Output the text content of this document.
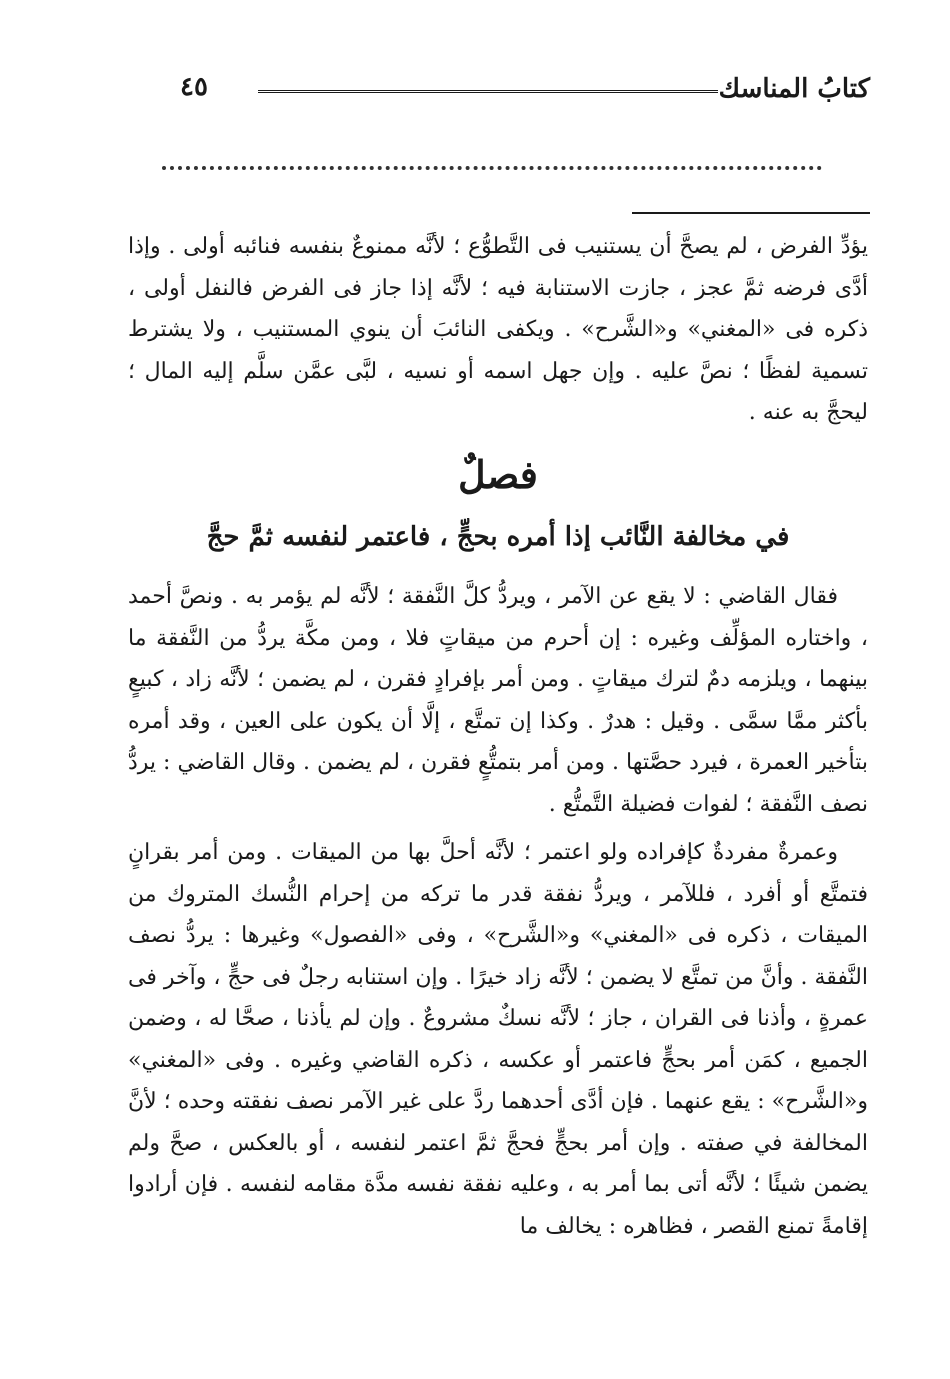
كتابُ المناسك
٤٥

يؤدِّ الفرض ، لم يصحَّ أن يستنيب فى التَّطوُّع ؛ لأنَّه ممنوعٌ بنفسه فنائبه أولى . وإذا أدَّى فرضه ثمَّ عجز ، جازت الاستنابة فيه ؛ لأنَّه إذا جاز فى الفرض فالنفل أولى ، ذكره فى «المغني» و«الشَّرح» . ويكفى النائبَ أن ينوي المستنيب ، ولا يشترط تسمية لفظًا ؛ نصَّ عليه . وإن جهل اسمه أو نسيه ، لبَّى عمَّن سلَّم إليه المال ؛ ليحجَّ به عنه .

فصلٌ
في مخالفة النَّائب إذا أمره بحجٍّ ، فاعتمر لنفسه ثمَّ حجَّ

فقال القاضي : لا يقع عن الآمر ، ويردُّ كلَّ النَّفقة ؛ لأنَّه لم يؤمر به . ونصَّ أحمد ، واختاره المؤلِّف وغيره : إن أحرم من ميقاتٍ فلا ، ومن مكَّة يردُّ من النَّفقة ما بينهما ، ويلزمه دمٌ لترك ميقاتٍ . ومن أمر بإفرادٍ فقرن ، لم يضمن ؛ لأنَّه زاد ، كبيعٍ بأكثر ممَّا سمَّى . وقيل : هدرٌ . وكذا إن تمتَّع ، إلَّا أن يكون على العين ، وقد أمره بتأخير العمرة ، فيرد حصَّتها . ومن أمر بتمتُّعٍ فقرن ، لم يضمن . وقال القاضي : يردُّ نصف النَّفقة ؛ لفوات فضيلة التَّمتُّع .

وعمرةٌ مفردةٌ كإفراده ولو اعتمر ؛ لأنَّه أحلَّ بها من الميقات . ومن أمر بقرانٍ فتمتَّع أو أفرد ، فللآمر ، ويردُّ نفقة قدر ما تركه من إحرام النُّسك المتروك من الميقات ، ذكره فى «المغني» و«الشَّرح» ، وفى «الفصول» وغيرها : يردُّ نصف النَّفقة . وأنَّ من تمتَّع لا يضمن ؛ لأنَّه زاد خيرًا . وإن استنابه رجلٌ فى حجٍّ ، وآخر فى عمرةٍ ، وأذنا فى القران ، جاز ؛ لأنَّه نسكٌ مشروعٌ . وإن لم يأذنا ، صحَّا له ، وضمن الجميع ، كمَن أمر بحجٍّ فاعتمر أو عكسه ، ذكره القاضي وغيره . وفى «المغني» و«الشَّرح» : يقع عنهما . فإن أدَّى أحدهما ردَّ على غير الآمر نصف نفقته وحده ؛ لأنَّ المخالفة في صفته . وإن أمر بحجٍّ فحجَّ ثمَّ اعتمر لنفسه ، أو بالعكس ، صحَّ ولم يضمن شيئًا ؛ لأنَّه أتى بما أمر به ، وعليه نفقة نفسه مدَّة مقامه لنفسه . فإن أرادوا إقامةً تمنع القصر ، فظاهره : يخالف ما
